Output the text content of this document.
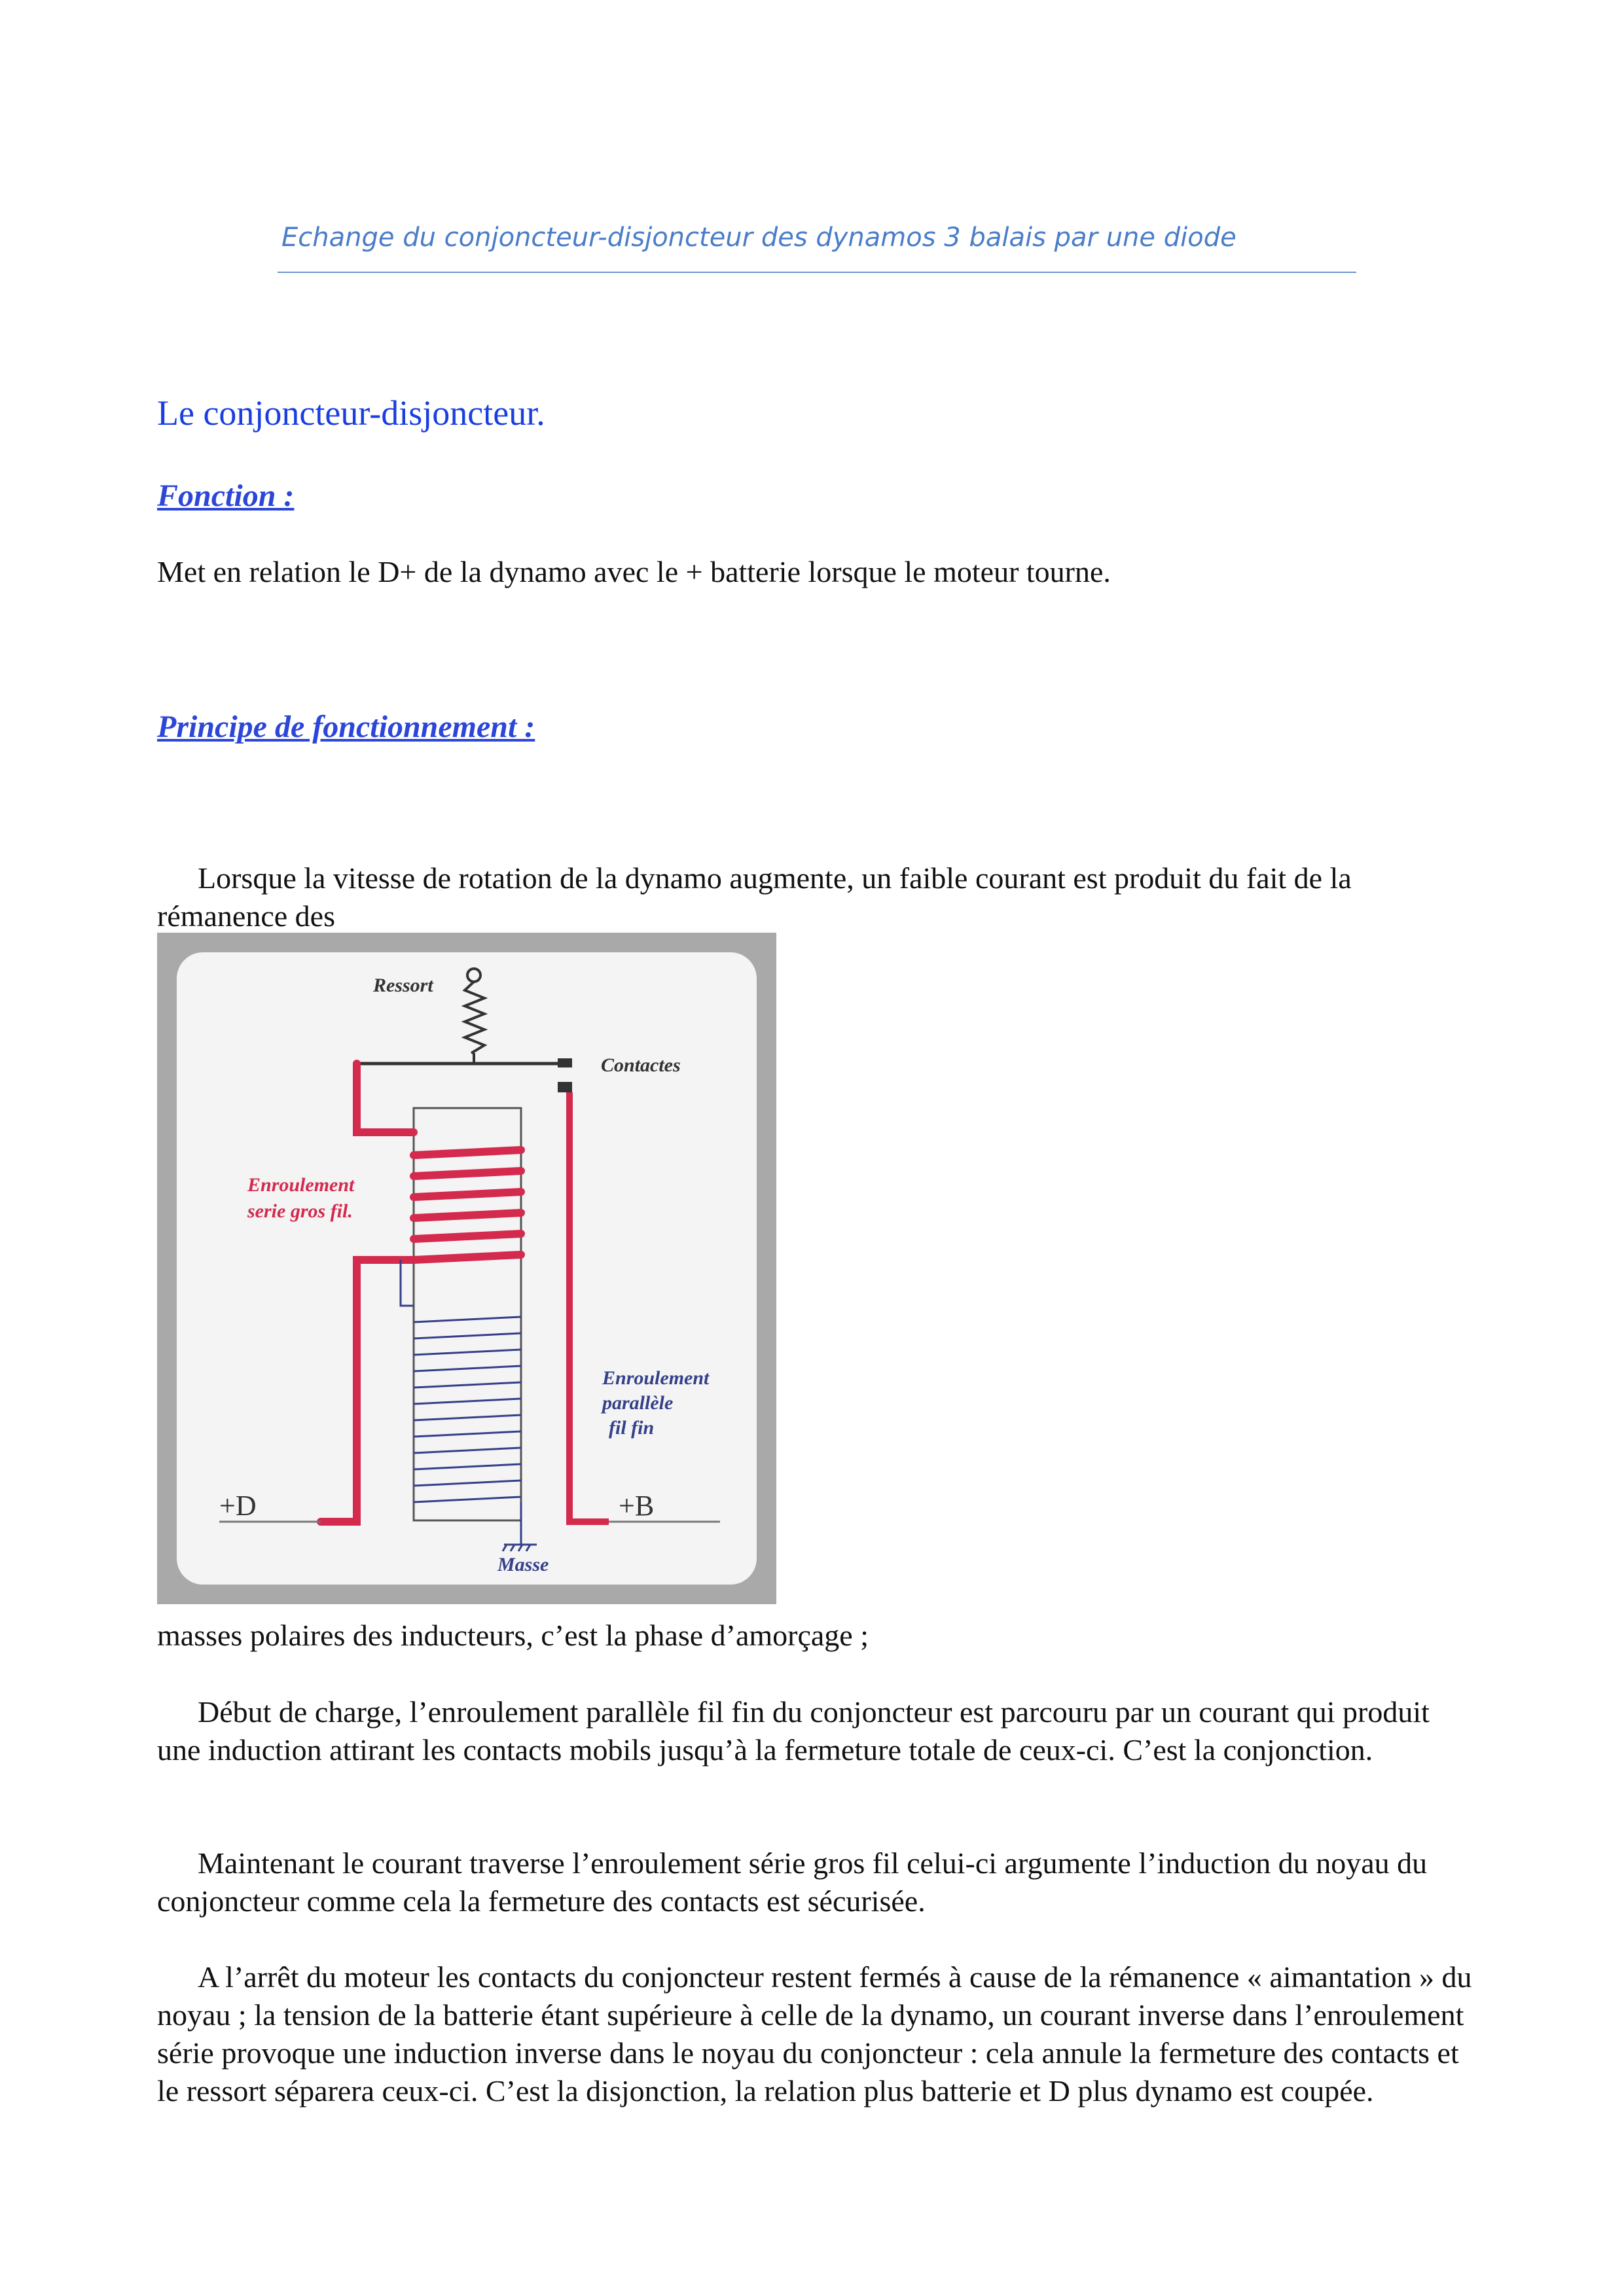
Echange du conjoncteur-disjoncteur des dynamos 3 balais par une diode
Le conjoncteur-disjoncteur.
Fonction :
Met en relation le D+ de la dynamo avec le + batterie lorsque le moteur tourne.
Principe de fonctionnement :
Lorsque la vitesse de rotation de la dynamo augmente, un faible courant est produit du fait de la rémanence des
Ressort
Contactes
Enroulement
serie gros fil.
Masse
Enroulement
parallèle
fil fin
+D	+B
masses polaires des inducteurs, c’est la phase d’amorçage ;
Début de charge, l’enroulement parallèle fil fin du conjoncteur est parcouru par un courant qui produit une induction attirant les contacts mobils jusqu’à la fermeture totale de ceux-ci. C’est la conjonction.
Maintenant le courant traverse l’enroulement série gros fil celui-ci argumente l’induction du noyau du conjoncteur comme cela la fermeture des contacts est sécurisée.
A l’arrêt du moteur les contacts du conjoncteur restent fermés à cause de la rémanence « aimantation » du noyau ; la tension de la batterie étant supérieure à celle de la dynamo, un courant inverse dans l’enroulement série provoque une induction inverse dans le noyau du conjoncteur : cela annule la fermeture des contacts et le ressort séparera ceux-ci. C’est la disjonction, la relation plus batterie et D plus dynamo est coupée.
